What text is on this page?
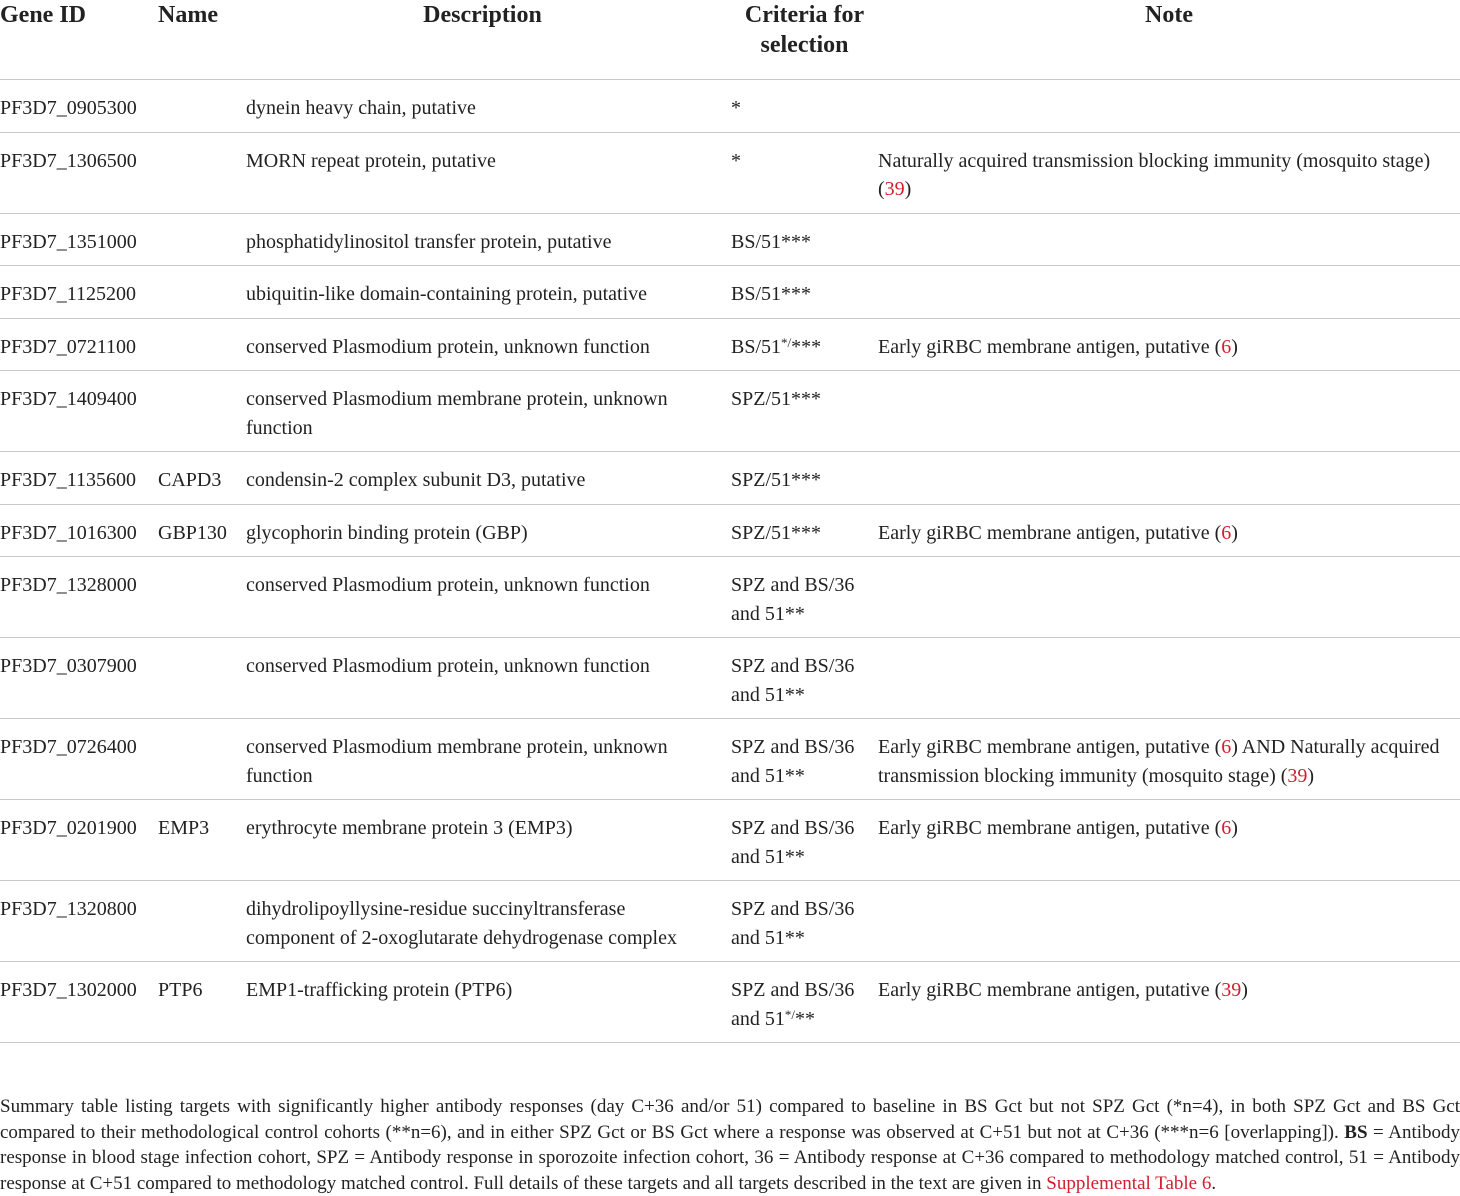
Gene ID	Name	Description	Criteria for selection	Note
PF3D7_0905300		dynein heavy chain, putative	*	
PF3D7_1306500		MORN repeat protein, putative	*	Naturally acquired transmission blocking immunity (mosquito stage) (39)
PF3D7_1351000		phosphatidylinositol transfer protein, putative	BS/51***	
PF3D7_1125200		ubiquitin-like domain-containing protein, putative	BS/51***	
PF3D7_0721100		conserved Plasmodium protein, unknown function	BS/51*/***	Early giRBC membrane antigen, putative (6)
PF3D7_1409400		conserved Plasmodium membrane protein, unknown function	SPZ/51***	
PF3D7_1135600	CAPD3	condensin-2 complex subunit D3, putative	SPZ/51***	
PF3D7_1016300	GBP130	glycophorin binding protein (GBP)	SPZ/51***	Early giRBC membrane antigen, putative (6)
PF3D7_1328000		conserved Plasmodium protein, unknown function	SPZ and BS/36 and 51**	
PF3D7_0307900		conserved Plasmodium protein, unknown function	SPZ and BS/36 and 51**	
PF3D7_0726400		conserved Plasmodium membrane protein, unknown function	SPZ and BS/36 and 51**	Early giRBC membrane antigen, putative (6) AND Naturally acquired transmission blocking immunity (mosquito stage) (39)
PF3D7_0201900	EMP3	erythrocyte membrane protein 3 (EMP3)	SPZ and BS/36 and 51**	Early giRBC membrane antigen, putative (6)
PF3D7_1320800		dihydrolipoyllysine-residue succinyltransferase component of 2-oxoglutarate dehydrogenase complex	SPZ and BS/36 and 51**	
PF3D7_1302000	PTP6	EMP1-trafficking protein (PTP6)	SPZ and BS/36 and 51*/**	Early giRBC membrane antigen, putative (39)
Summary table listing targets with significantly higher antibody responses (day C+36 and/or 51) compared to baseline in BS Gct but not SPZ Gct (*n=4), in both SPZ Gct and BS Gct compared to their methodological control cohorts (**n=6), and in either SPZ Gct or BS Gct where a response was observed at C+51 but not at C+36 (***n=6 [overlapping]). BS = Antibody response in blood stage infection cohort, SPZ = Antibody response in sporozoite infection cohort, 36 = Antibody response at C+36 compared to methodology matched control, 51 = Antibody response at C+51 compared to methodology matched control. Full details of these targets and all targets described in the text are given in Supplemental Table 6.
